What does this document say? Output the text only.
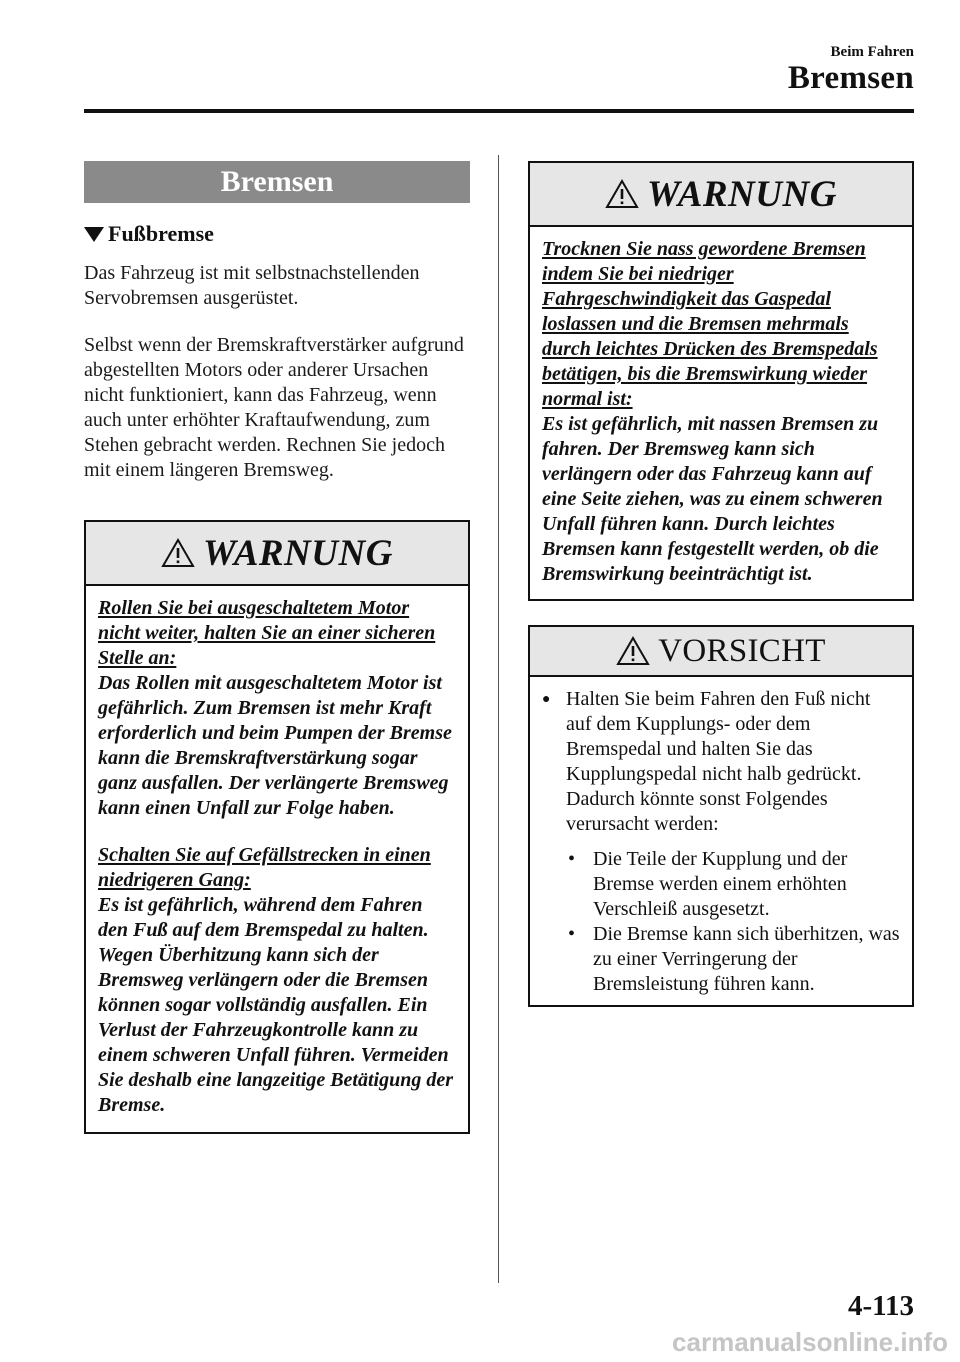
Beim Fahren
Bremsen
Bremsen
Fußbremse

Das Fahrzeug ist mit selbstnachstellenden Servobremsen ausgerüstet.

Selbst wenn der Bremskraftverstärker aufgrund abgestellten Motors oder anderer Ursachen nicht funktioniert, kann das Fahrzeug, wenn auch unter erhöhter Kraftaufwendung, zum Stehen gebracht werden. Rechnen Sie jedoch mit einem längeren Bremsweg.

WARNUNG
Rollen Sie bei ausgeschaltetem Motor nicht weiter, halten Sie an einer sicheren Stelle an:
Das Rollen mit ausgeschaltetem Motor ist gefährlich. Zum Bremsen ist mehr Kraft erforderlich und beim Pumpen der Bremse kann die Bremskraftverstärkung sogar ganz ausfallen. Der verlängerte Bremsweg kann einen Unfall zur Folge haben.
Schalten Sie auf Gefällstrecken in einen niedrigeren Gang:
Es ist gefährlich, während dem Fahren den Fuß auf dem Bremspedal zu halten. Wegen Überhitzung kann sich der Bremsweg verlängern oder die Bremsen können sogar vollständig ausfallen. Ein Verlust der Fahrzeugkontrolle kann zu einem schweren Unfall führen. Vermeiden Sie deshalb eine langzeitige Betätigung der Bremse.
WARNUNG
Trocknen Sie nass gewordene Bremsen indem Sie bei niedriger Fahrgeschwindigkeit das Gaspedal loslassen und die Bremsen mehrmals durch leichtes Drücken des Bremspedals betätigen, bis die Bremswirkung wieder normal ist:
Es ist gefährlich, mit nassen Bremsen zu fahren. Der Bremsweg kann sich verlängern oder das Fahrzeug kann auf eine Seite ziehen, was zu einem schweren Unfall führen kann. Durch leichtes Bremsen kann festgestellt werden, ob die Bremswirkung beeinträchtigt ist.
VORSICHT
● Halten Sie beim Fahren den Fuß nicht auf dem Kupplungs- oder dem Bremspedal und halten Sie das Kupplungspedal nicht halb gedrückt. Dadurch könnte sonst Folgendes verursacht werden:
• Die Teile der Kupplung und der Bremse werden einem erhöhten Verschleiß ausgesetzt.
• Die Bremse kann sich überhitzen, was zu einer Verringerung der Bremsleistung führen kann.
4-113
carmanualsonline.info
